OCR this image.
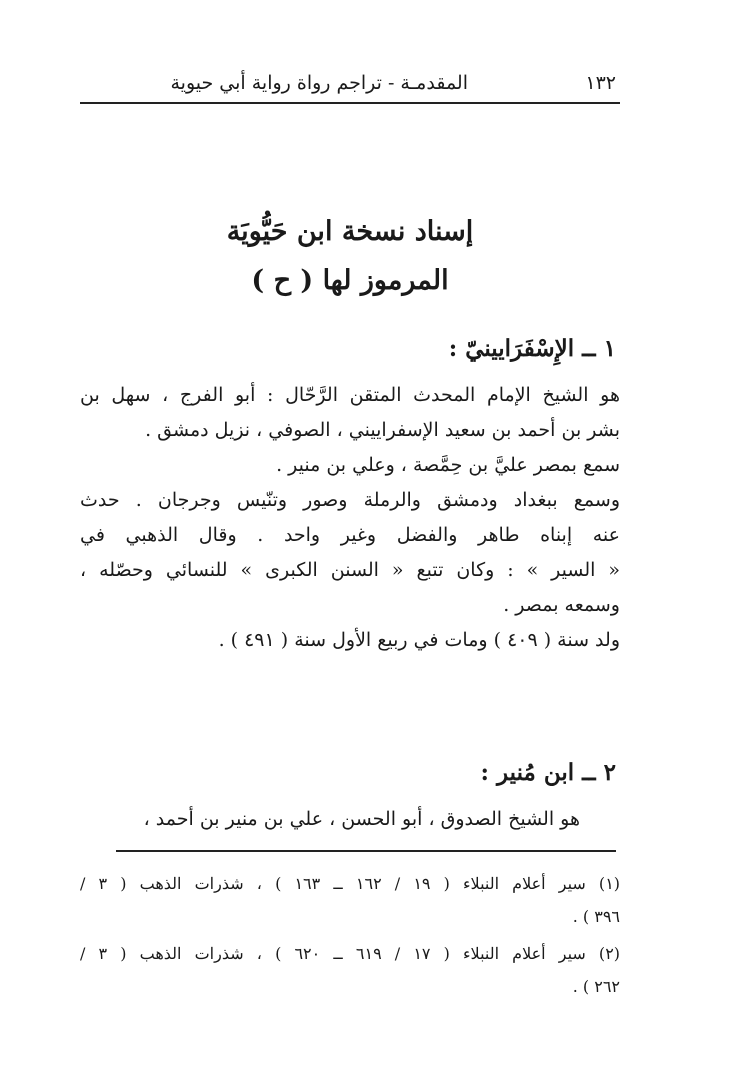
١٣٢
المقدمـة - تراجم رواة رواية أبي حيوية
إسناد نسخة ابن حَيُّويَة
المرموز لها ( ح )
١ ــ الإِسْفَرَايينيّ :
هو الشيخ الإمام المحدث المتقن الرَّحّال : أبو الفرج ، سهل بن
بشر بن أحمد بن سعيد الإسفراييني ، الصوفي ، نزيل دمشق .
سمع بمصر عليَّ بن حِمَّصة ، وعلي بن منير .
وسمع ببغداد ودمشق والرملة وصور وتنّيس وجرجان . حدث
عنه إبناه طاهر والفضل وغير واحد . وقال الذهبي في
« السير » : وكان تتبع « السنن الكبرى » للنسائي وحصّله ،
وسمعه بمصر .
ولد سنة ( ٤٠٩ ) ومات في ربيع الأول سنة ( ٤٩١ ) .
٢ ــ ابن مُنير :
هو الشيخ الصدوق ، أبو الحسن ، علي بن منير بن أحمد ،
(١) سير أعلام النبلاء ( ١٩ / ١٦٢ ــ ١٦٣ ) ، شذرات الذهب ( ٣ /
٣٩٦ ) .
(٢) سير أعلام النبلاء ( ١٧ / ٦١٩ ــ ٦٢٠ ) ، شذرات الذهب ( ٣ /
٢٦٢ ) .
